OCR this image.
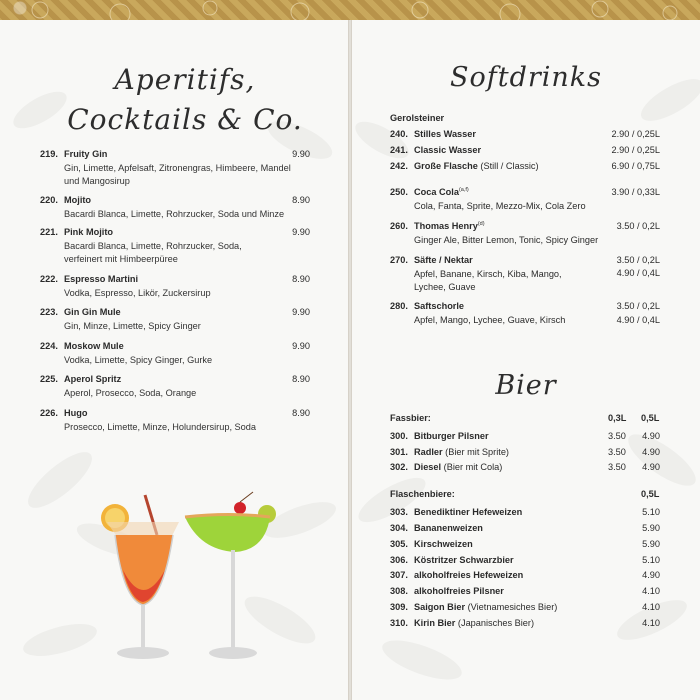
Aperitifs,
Cocktails & Co.
219. Fruity Gin	9.90
Gin, Limette, Apfelsaft, Zitronengras, Himbeere, Mandel und Mangosirup
220. Mojito	8.90
Bacardi Blanca, Limette, Rohrzucker, Soda und Minze
221. Pink Mojito	9.90
Bacardi Blanca, Limette, Rohrzucker, Soda, verfeinert mit Himbeerpüree
222. Espresso Martini	8.90
Vodka, Espresso, Likör, Zuckersirup
223. Gin Gin Mule	9.90
Gin, Minze, Limette, Spicy Ginger
224. Moskow Mule	9.90
Vodka, Limette, Spicy Ginger, Gurke
225. Aperol Spritz	8.90
Aperol, Prosecco, Soda, Orange
226. Hugo	8.90
Prosecco, Limette, Minze, Holundersirup, Soda
Softdrinks
Gerolsteiner
240. Stilles Wasser	2.90 / 0,25L
241. Classic Wasser	2.90 / 0,25L
242. Große Flasche (Still / Classic)	6.90 / 0,75L
250. Coca Cola$^{(a,f)}$	3.90 / 0,33L
Cola, Fanta, Sprite, Mezzo-Mix, Cola Zero
260. Thomas Henry$^{(d)}$	3.50 / 0,2L
Ginger Ale, Bitter Lemon, Tonic, Spicy Ginger
270. Säfte / Nektar	3.50 / 0,2L
4.90 / 0,4L
Apfel, Banane, Kirsch, Kiba, Mango, Lychee, Guave
280. Saftschorle	3.50 / 0,2L
4.90 / 0,4L
Apfel, Mango, Lychee, Guave, Kirsch
Bier
Fassbier:	0,3L 0,5L
300. Bitburger Pilsner	3.50 4.90
301. Radler (Bier mit Sprite)	3.50 4.90
302. Diesel (Bier mit Cola)	3.50 4.90
Flaschenbiere:	0,5L
303. Benediktiner Hefeweizen	5.10
304. Bananenweizen	5.90
305. Kirschweizen	5.90
306. Köstritzer Schwarzbier	5.10
307. alkoholfreies Hefeweizen	4.90
308. alkoholfreies Pilsner	4.10
309. Saigon Bier (Vietnamesiches Bier)	4.10
310. Kirin Bier (Japanisches Bier)	4.10
